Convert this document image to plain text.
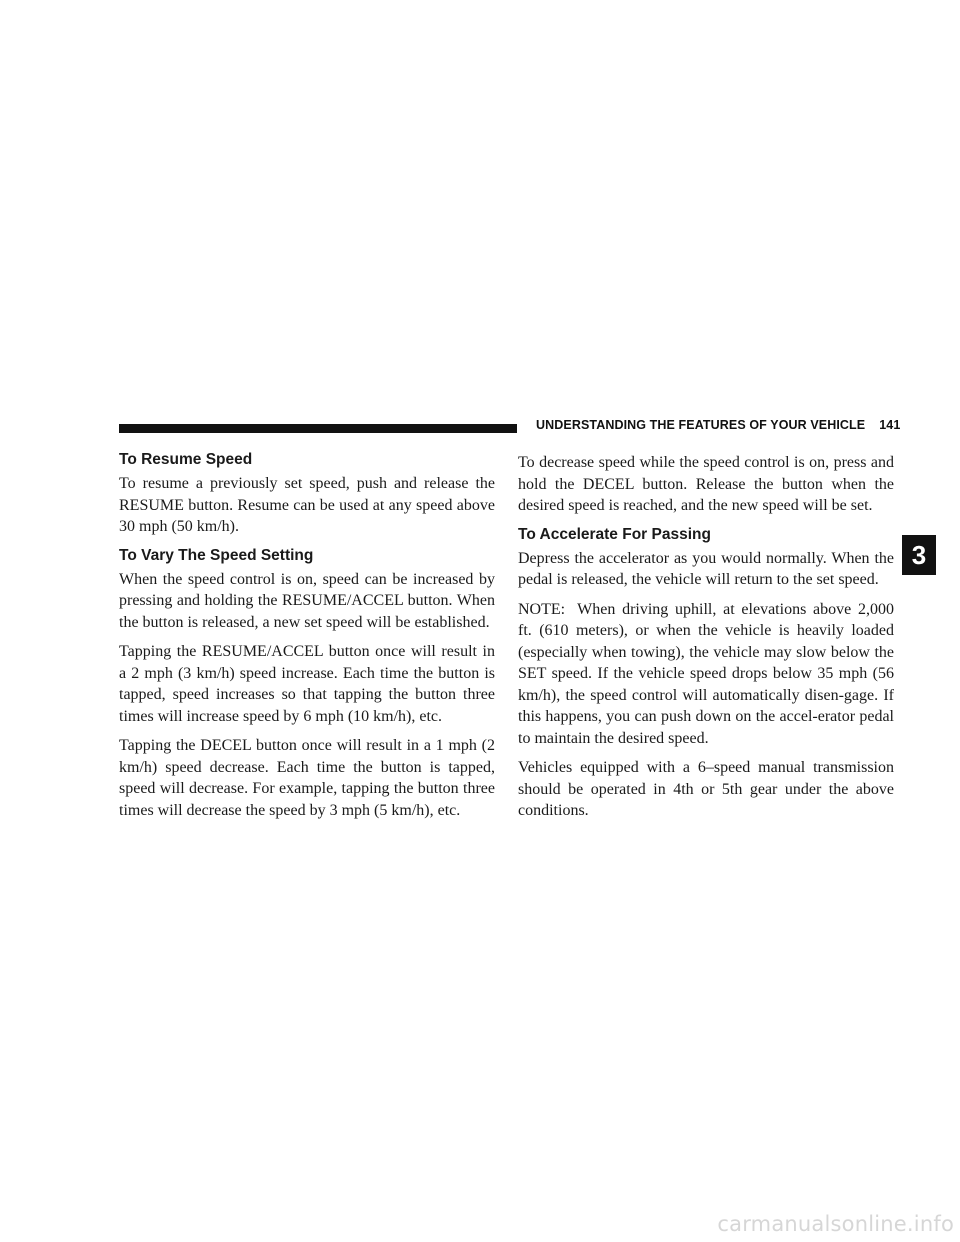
UNDERSTANDING THE FEATURES OF YOUR VEHICLE 141
To Resume Speed

To resume a previously set speed, push and release the RESUME button. Resume can be used at any speed above 30 mph (50 km/h).

To Vary The Speed Setting

When the speed control is on, speed can be increased by pressing and holding the RESUME/ACCEL button. When the button is released, a new set speed will be established.

Tapping the RESUME/ACCEL button once will result in a 2 mph (3 km/h) speed increase. Each time the button is tapped, speed increases so that tapping the button three times will increase speed by 6 mph (10 km/h), etc.

Tapping the DECEL button once will result in a 1 mph (2 km/h) speed decrease. Each time the button is tapped, speed will decrease. For example, tapping the button three times will decrease the speed by 3 mph (5 km/h), etc.

To decrease speed while the speed control is on, press and hold the DECEL button. Release the button when the desired speed is reached, and the new speed will be set.

To Accelerate For Passing

Depress the accelerator as you would normally. When the pedal is released, the vehicle will return to the set speed.

NOTE: When driving uphill, at elevations above 2,000 ft. (610 meters), or when the vehicle is heavily loaded (especially when towing), the vehicle may slow below the SET speed. If the vehicle speed drops below 35 mph (56 km/h), the speed control will automatically disen-gage. If this happens, you can push down on the accel-erator pedal to maintain the desired speed.

Vehicles equipped with a 6–speed manual transmission should be operated in 4th or 5th gear under the above conditions.

3
carmanualsonline.info
